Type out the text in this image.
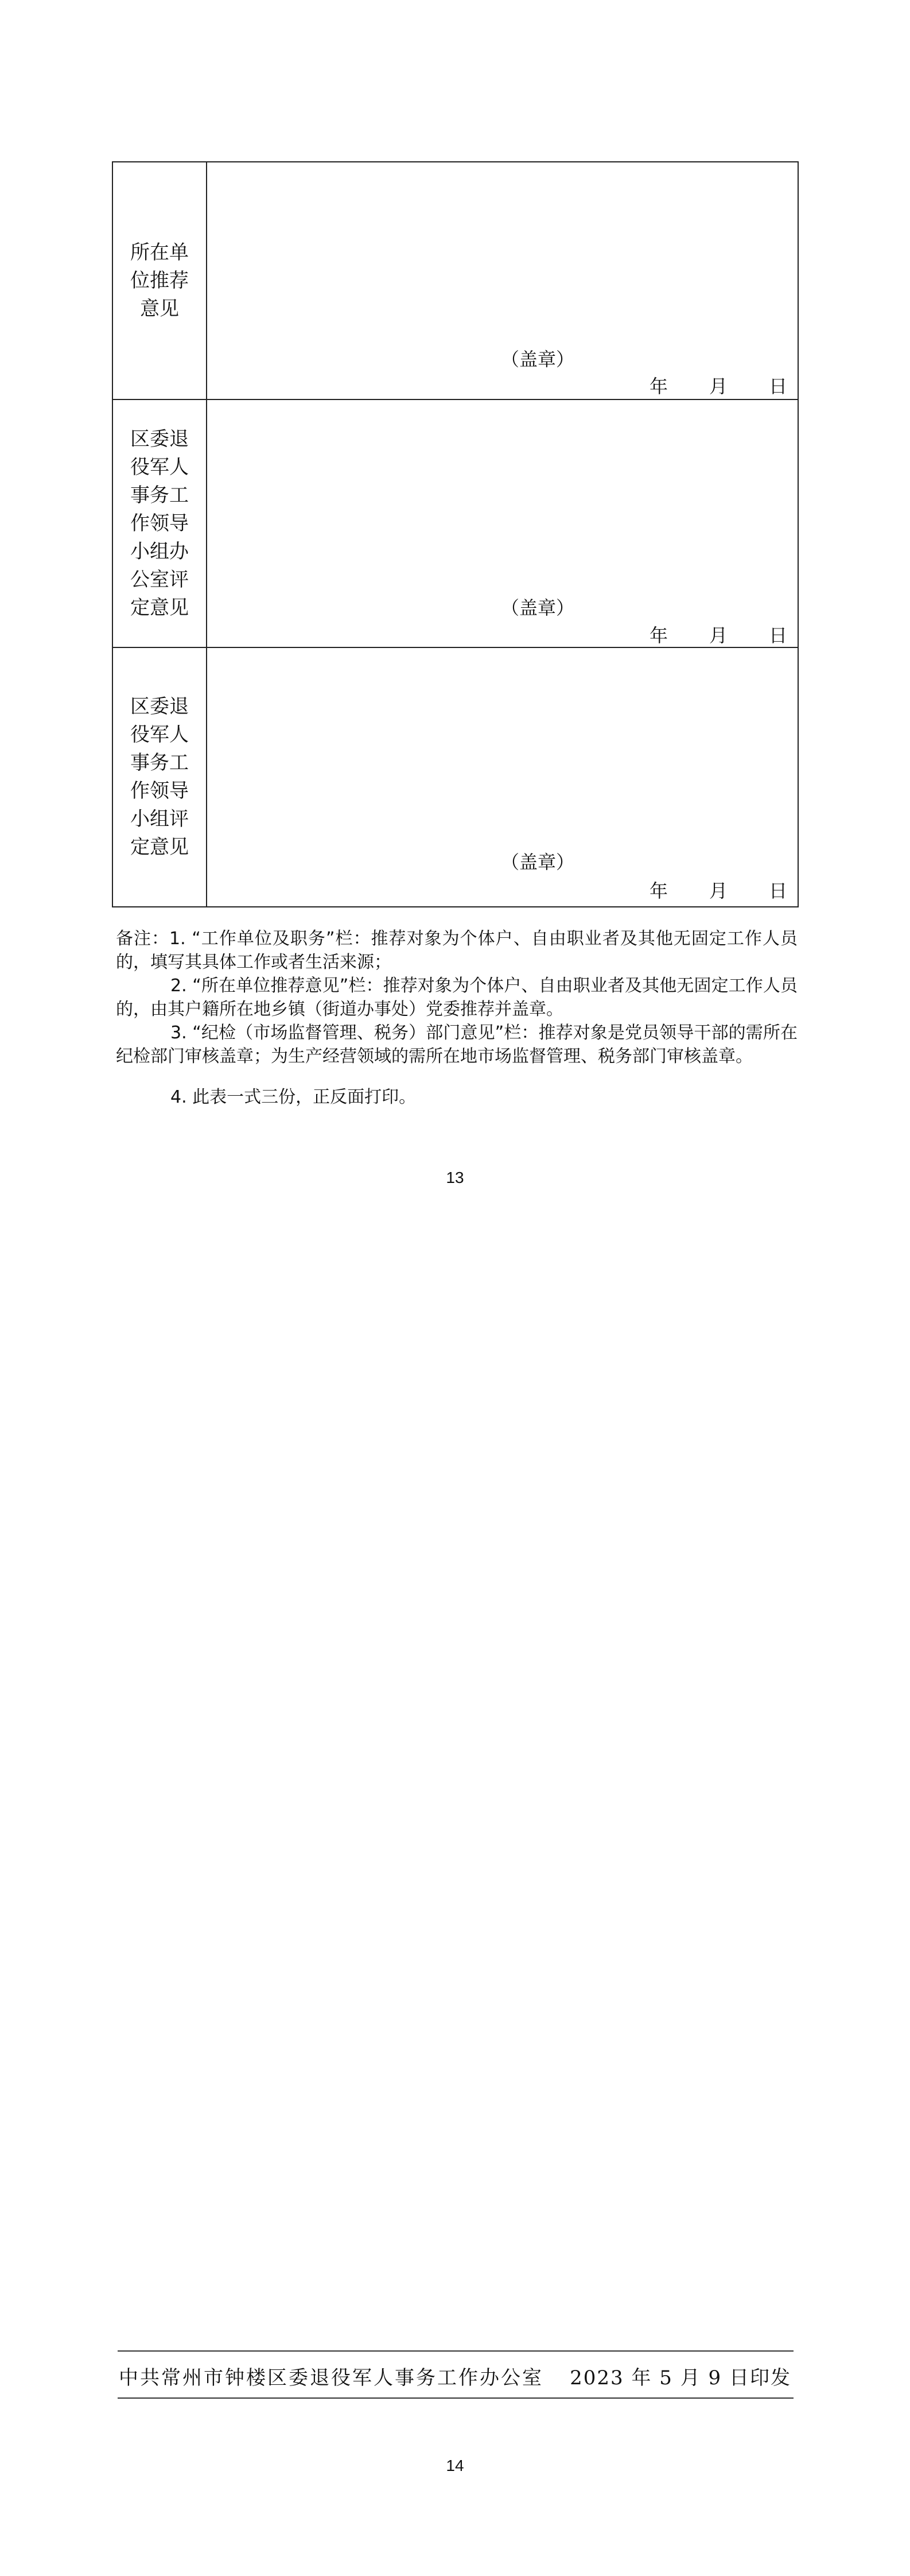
所在单位推荐意见	（盖章）
年 月 日

区委退役军人事务工作领导小组办公室评定意见	（盖章）
年 月 日

区委退役军人事务工作领导小组评定意见	（盖章）
年 月 日

备注：1. “工作单位及职务”栏：推荐对象为个体户、自由职业者及其他无固定工作人员的，填写其具体工作或者生活来源；

2. “所在单位推荐意见”栏：推荐对象为个体户、自由职业者及其他无固定工作人员的，由其户籍所在地乡镇（街道办事处）党委推荐并盖章。

3. “纪检（市场监督管理、税务）部门意见”栏：推荐对象是党员领导干部的需所在纪检部门审核盖章；为生产经营领域的需所在地市场监督管理、税务部门审核盖章。

4. 此表一式三份，正反面打印。

13
中共常州市钟楼区委退役军人事务工作办公室 2023 年 5 月 9 日印发
14
